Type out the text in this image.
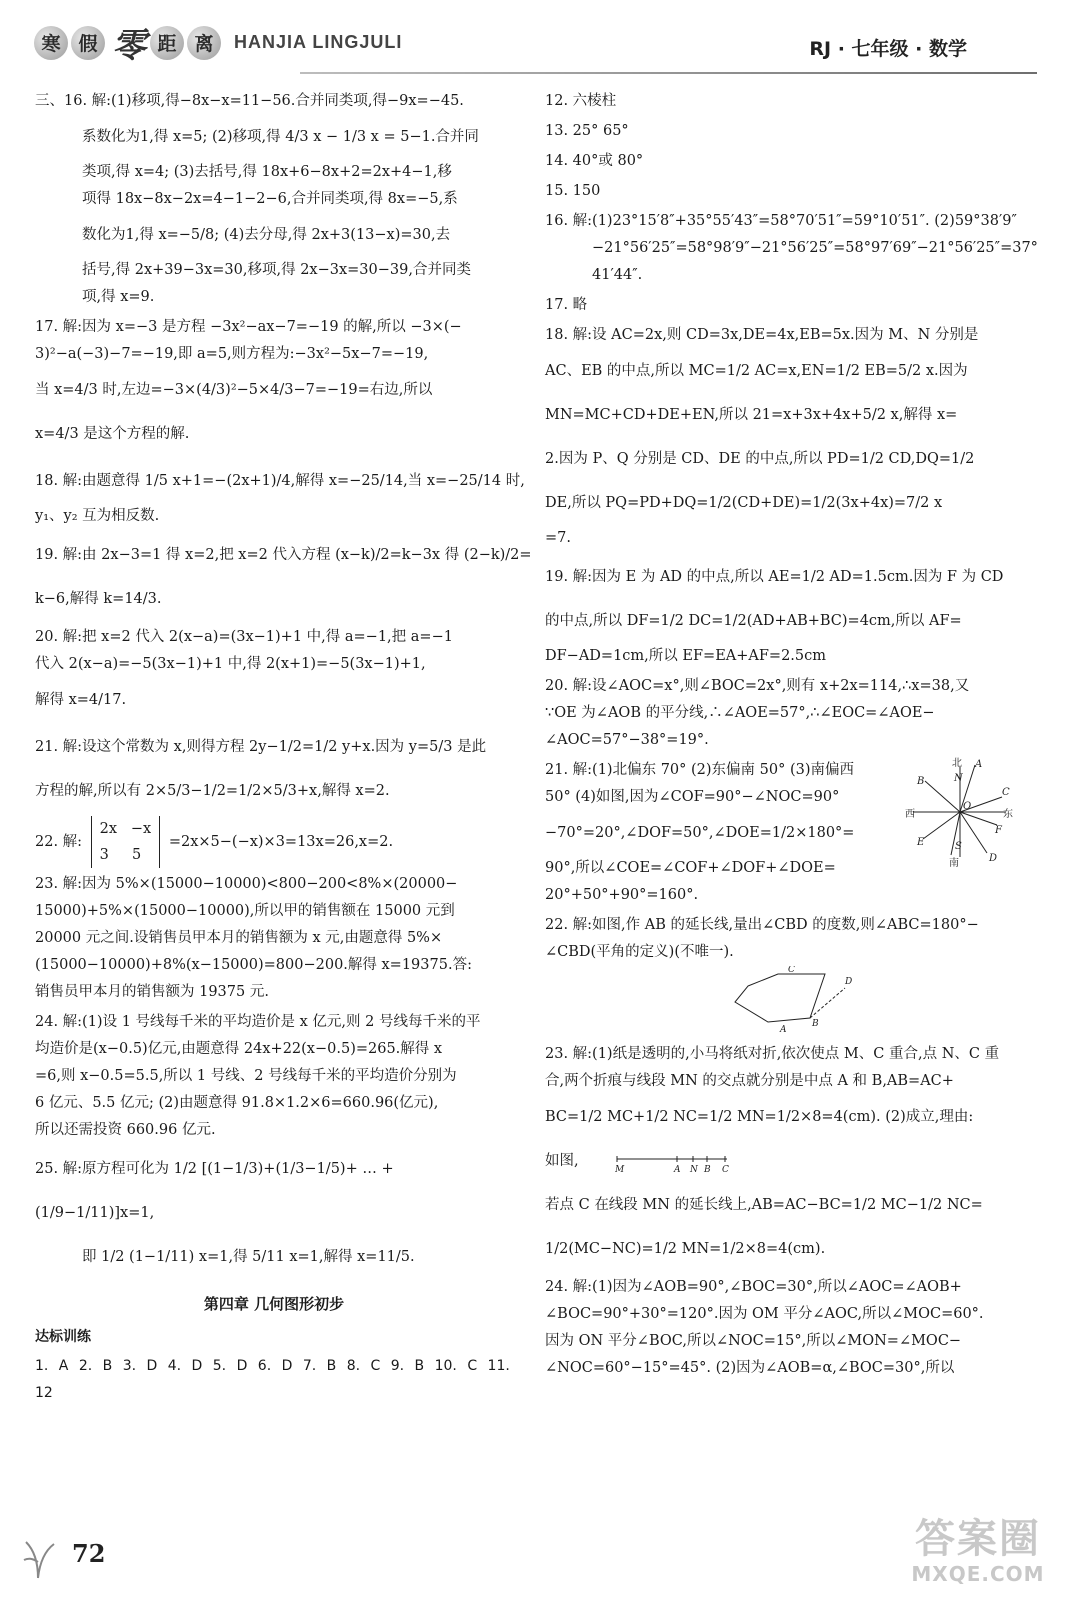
寒 假 零 距 离	HANJIA LINGJULI	RJ · 七年级 · 数学
三、16. 解:(1)移项,得−8x−x=11−56.合并同类项,得−9x=−45.
系数化为1,得 x=5; (2)移项,得 4/3 x − 1/3 x = 5−1.合并同
类项,得 x=4; (3)去括号,得 18x+6−8x+2=2x+4−1,移
项得 18x−8x−2x=4−1−2−6,合并同类项,得 8x=−5,系
数化为1,得 x=−5/8; (4)去分母,得 2x+3(13−x)=30,去
括号,得 2x+39−3x=30,移项,得 2x−3x=30−39,合并同类
项,得 x=9.
17. 解:因为 x=−3 是方程 −3x²−ax−7=−19 的解,所以 −3×(−
3)²−a(−3)−7=−19,即 a=5,则方程为:−3x²−5x−7=−19,
当 x=4/3 时,左边=−3×(4/3)²−5×4/3−7=−19=右边,所以
x=4/3 是这个方程的解.
18. 解:由题意得 1/5 x+1=−(2x+1)/4,解得 x=−25/14,当 x=−25/14 时,
y₁、y₂ 互为相反数.
19. 解:由 2x−3=1 得 x=2,把 x=2 代入方程 (x−k)/2=k−3x 得 (2−k)/2=
k−6,解得 k=14/3.
20. 解:把 x=2 代入 2(x−a)=(3x−1)+1 中,得 a=−1,把 a=−1
代入 2(x−a)=−5(3x−1)+1 中,得 2(x+1)=−5(3x−1)+1,
解得 x=4/17.
21. 解:设这个常数为 x,则得方程 2y−1/2=1/2 y+x.因为 y=5/3 是此
方程的解,所以有 2×5/3−1/2=1/2×5/3+x,解得 x=2.
22. 解: 2x −x
3 5 =2x×5−(−x)×3=13x=26,x=2.
23. 解:因为 5%×(15000−10000)<800−200<8%×(20000−
15000)+5%×(15000−10000),所以甲的销售额在 15000 元到
20000 元之间.设销售员甲本月的销售额为 x 元,由题意得 5%×
(15000−10000)+8%(x−15000)=800−200.解得 x=19375.答:
销售员甲本月的销售额为 19375 元.
24. 解:(1)设 1 号线每千米的平均造价是 x 亿元,则 2 号线每千米的平
均造价是(x−0.5)亿元,由题意得 24x+22(x−0.5)=265.解得 x
=6,则 x−0.5=5.5,所以 1 号线、2 号线每千米的平均造价分别为
6 亿元、5.5 亿元; (2)由题意得 91.8×1.2×6=660.96(亿元),
所以还需投资 660.96 亿元.
25. 解:原方程可化为 1/2 [(1−1/3)+(1/3−1/5)+ … +
(1/9−1/11)]x=1,
即 1/2 (1−1/11) x=1,得 5/11 x=1,解得 x=11/5.
第四章 几何图形初步
达标训练
1. A 2. B 3. D 4. D 5. D 6. D 7. B 8. C 9. B 10. C 11. 12
12. 六棱柱
13. 25° 65°
14. 40°或 80°
15. 150
16. 解:(1)23°15′8″+35°55′43″=58°70′51″=59°10′51″. (2)59°38′9″
−21°56′25″=58°98′9″−21°56′25″=58°97′69″−21°56′25″=37°
41′44″.
17. 略
18. 解:设 AC=2x,则 CD=3x,DE=4x,EB=5x.因为 M、N 分别是
AC、EB 的中点,所以 MC=1/2 AC=x,EN=1/2 EB=5/2 x.因为
MN=MC+CD+DE+EN,所以 21=x+3x+4x+5/2 x,解得 x=
2.因为 P、Q 分别是 CD、DE 的中点,所以 PD=1/2 CD,DQ=1/2
DE,所以 PQ=PD+DQ=1/2(CD+DE)=1/2(3x+4x)=7/2 x
=7.
19. 解:因为 E 为 AD 的中点,所以 AE=1/2 AD=1.5cm.因为 F 为 CD
的中点,所以 DF=1/2 DC=1/2(AD+AB+BC)=4cm,所以 AF=
DF−AD=1cm,所以 EF=EA+AF=2.5cm
20. 解:设∠AOC=x°,则∠BOC=2x°,则有 x+2x=114,∴x=38,又
∵OE 为∠AOB 的平分线,∴∠AOE=57°,∴∠EOC=∠AOE−
∠AOC=57°−38°=19°.
21. 解:(1)北偏东 70° (2)东偏南 50° (3)南偏西
50° (4)如图,因为∠COF=90°−∠NOC=90°
−70°=20°,∠DOF=50°,∠DOE=1/2×180°=
90°,所以∠COE=∠COF+∠DOF+∠DOE=
20°+50°+90°=160°.
北 A
N
B
C
西
O
东
F
E	S
D
南
22. 解:如图,作 AB 的延长线,量出∠CBD 的度数,则∠ABC=180°−
∠CBD(平角的定义)(不唯一).
A
B
C
D
23. 解:(1)纸是透明的,小马将纸对折,依次使点 M、C 重合,点 N、C 重
合,两个折痕与线段 MN 的交点就分别是中点 A 和 B,AB=AC+
BC=1/2 MC+1/2 NC=1/2 MN=1/2×8=4(cm). (2)成立,理由:
如图,
M	A N B C
若点 C 在线段 MN 的延长线上,AB=AC−BC=1/2 MC−1/2 NC=
1/2(MC−NC)=1/2 MN=1/2×8=4(cm).
24. 解:(1)因为∠AOB=90°,∠BOC=30°,所以∠AOC=∠AOB+
∠BOC=90°+30°=120°.因为 OM 平分∠AOC,所以∠MOC=60°.
因为 ON 平分∠BOC,所以∠NOC=15°,所以∠MON=∠MOC−
∠NOC=60°−15°=45°. (2)因为∠AOB=α,∠BOC=30°,所以
72	答案圈
MXQE.COM
